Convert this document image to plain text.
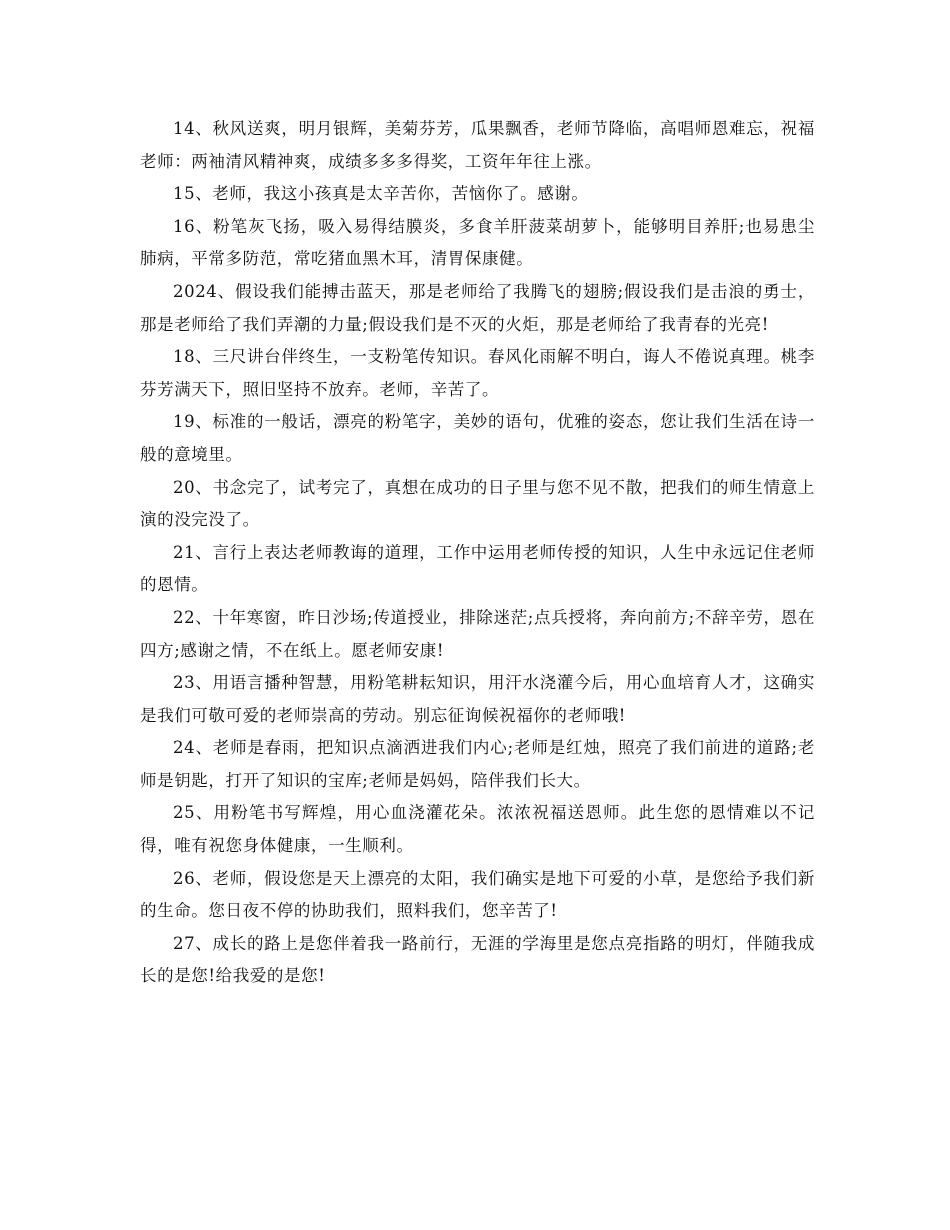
14、秋风送爽，明月银辉，美菊芬芳，瓜果飘香，老师节降临，高唱师恩难忘，祝福老师：两袖清风精神爽，成绩多多多得奖，工资年年往上涨。

15、老师，我这小孩真是太辛苦你，苦恼你了。感谢。

16、粉笔灰飞扬，吸入易得结膜炎，多食羊肝菠菜胡萝卜，能够明目养肝;也易患尘肺病，平常多防范，常吃猪血黑木耳，清胃保康健。

2024、假设我们能搏击蓝天，那是老师给了我腾飞的翅膀;假设我们是击浪的勇士，那是老师给了我们弄潮的力量;假设我们是不灭的火炬，那是老师给了我青春的光亮!

18、三尺讲台伴终生，一支粉笔传知识。春风化雨解不明白，诲人不倦说真理。桃李芬芳满天下，照旧坚持不放弃。老师，辛苦了。

19、标准的一般话，漂亮的粉笔字，美妙的语句，优雅的姿态，您让我们生活在诗一般的意境里。

20、书念完了，试考完了，真想在成功的日子里与您不见不散，把我们的师生情意上演的没完没了。

21、言行上表达老师教诲的道理，工作中运用老师传授的知识，人生中永远记住老师的恩情。

22、十年寒窗，昨日沙场;传道授业，排除迷茫;点兵授将，奔向前方;不辞辛劳，恩在四方;感谢之情，不在纸上。愿老师安康!

23、用语言播种智慧，用粉笔耕耘知识，用汗水浇灌今后，用心血培育人才，这确实是我们可敬可爱的老师崇高的劳动。别忘征询候祝福你的老师哦!

24、老师是春雨，把知识点滴洒进我们内心;老师是红烛，照亮了我们前进的道路;老师是钥匙，打开了知识的宝库;老师是妈妈，陪伴我们长大。

25、用粉笔书写辉煌，用心血浇灌花朵。浓浓祝福送恩师。此生您的恩情难以不记得，唯有祝您身体健康，一生顺利。

26、老师，假设您是天上漂亮的太阳，我们确实是地下可爱的小草，是您给予我们新的生命。您日夜不停的协助我们，照料我们，您辛苦了!

27、成长的路上是您伴着我一路前行，无涯的学海里是您点亮指路的明灯，伴随我成长的是您!给我爱的是您!
